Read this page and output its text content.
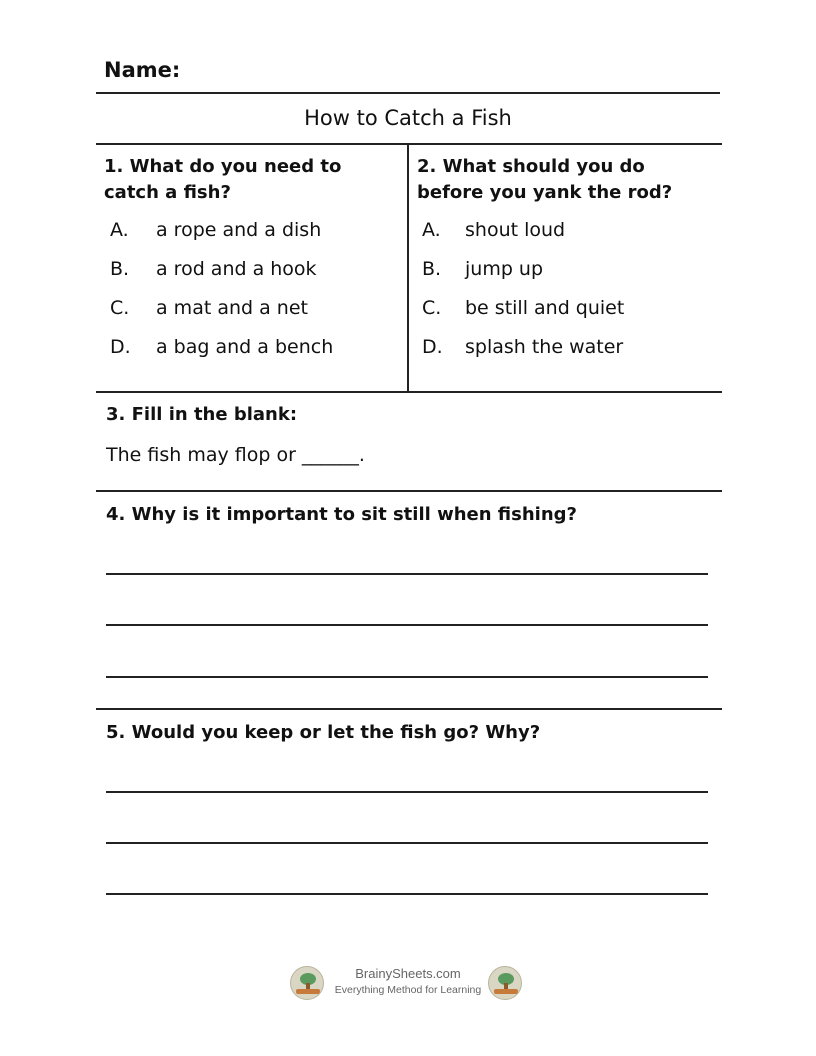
Name:
How to Catch a Fish
1. What do you need to
catch a fish?
A.	a rope and a dish
B.	a rod and a hook
C.	a mat and a net
D.	a bag and a bench
2. What should you do
before you yank the rod?
A.	shout loud
B.	jump up
C.	be still and quiet
D.	splash the water
3. Fill in the blank:
The fish may flop or ______.
4. Why is it important to sit still when fishing?
5. Would you keep or let the fish go? Why?
BrainySheets.com
Everything Method for Learning
